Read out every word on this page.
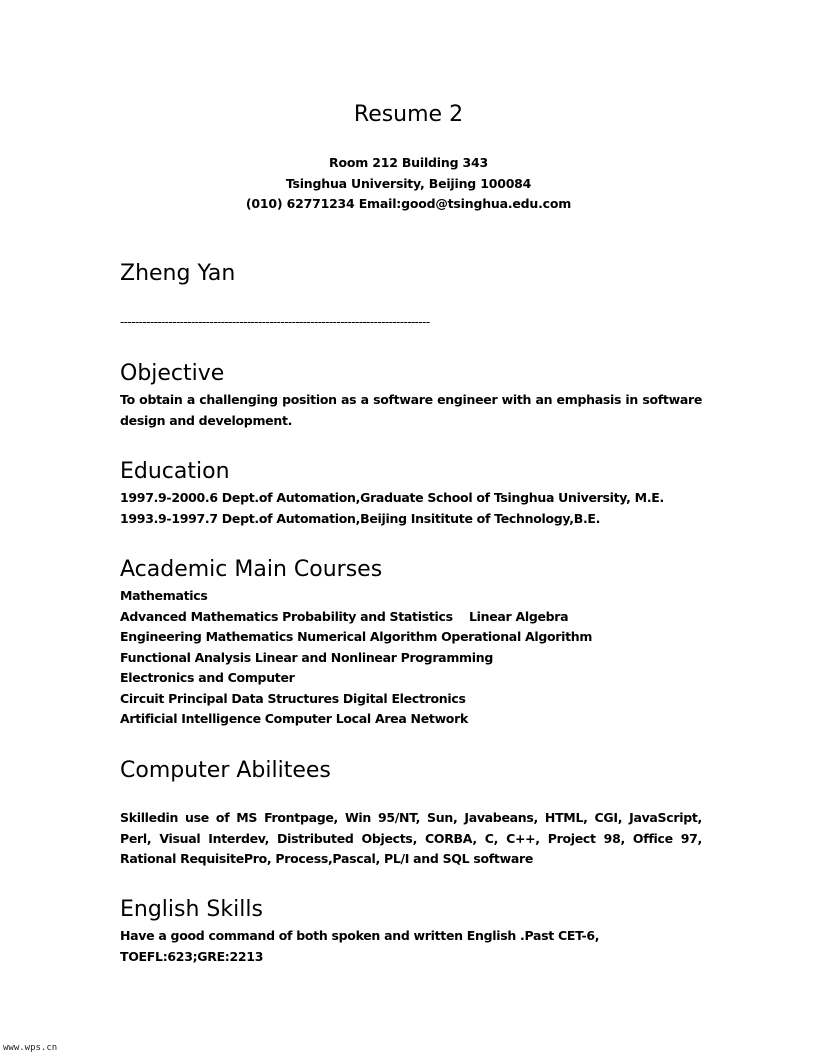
Resume 2
Room 212 Building 343
Tsinghua University, Beijing 100084
(010) 62771234 Email:good@tsinghua.edu.com
Zheng Yan
-----------------------------------------------------------------------------------
Objective
To obtain a challenging position as a software engineer with an emphasis in software design and development.
Education
1997.9-2000.6 Dept.of Automation,Graduate School of Tsinghua University, M.E.
1993.9-1997.7 Dept.of Automation,Beijing Insititute of Technology,B.E.
Academic Main Courses
Mathematics
Advanced Mathematics Probability and Statistics    Linear Algebra
Engineering Mathematics Numerical Algorithm Operational Algorithm
Functional Analysis Linear and Nonlinear Programming
Electronics and Computer
Circuit Principal Data Structures Digital Electronics
Artificial Intelligence Computer Local Area Network
Computer Abilitees
Skilledin use of MS Frontpage, Win 95/NT, Sun, Javabeans, HTML, CGI, JavaScript, Perl, Visual Interdev, Distributed Objects, CORBA, C, C++, Project 98, Office 97, Rational RequisitePro, Process,Pascal, PL/I and SQL software
English Skills
Have a good command of both spoken and written English .Past CET-6, TOEFL:623;GRE:2213
www.wps.cn
